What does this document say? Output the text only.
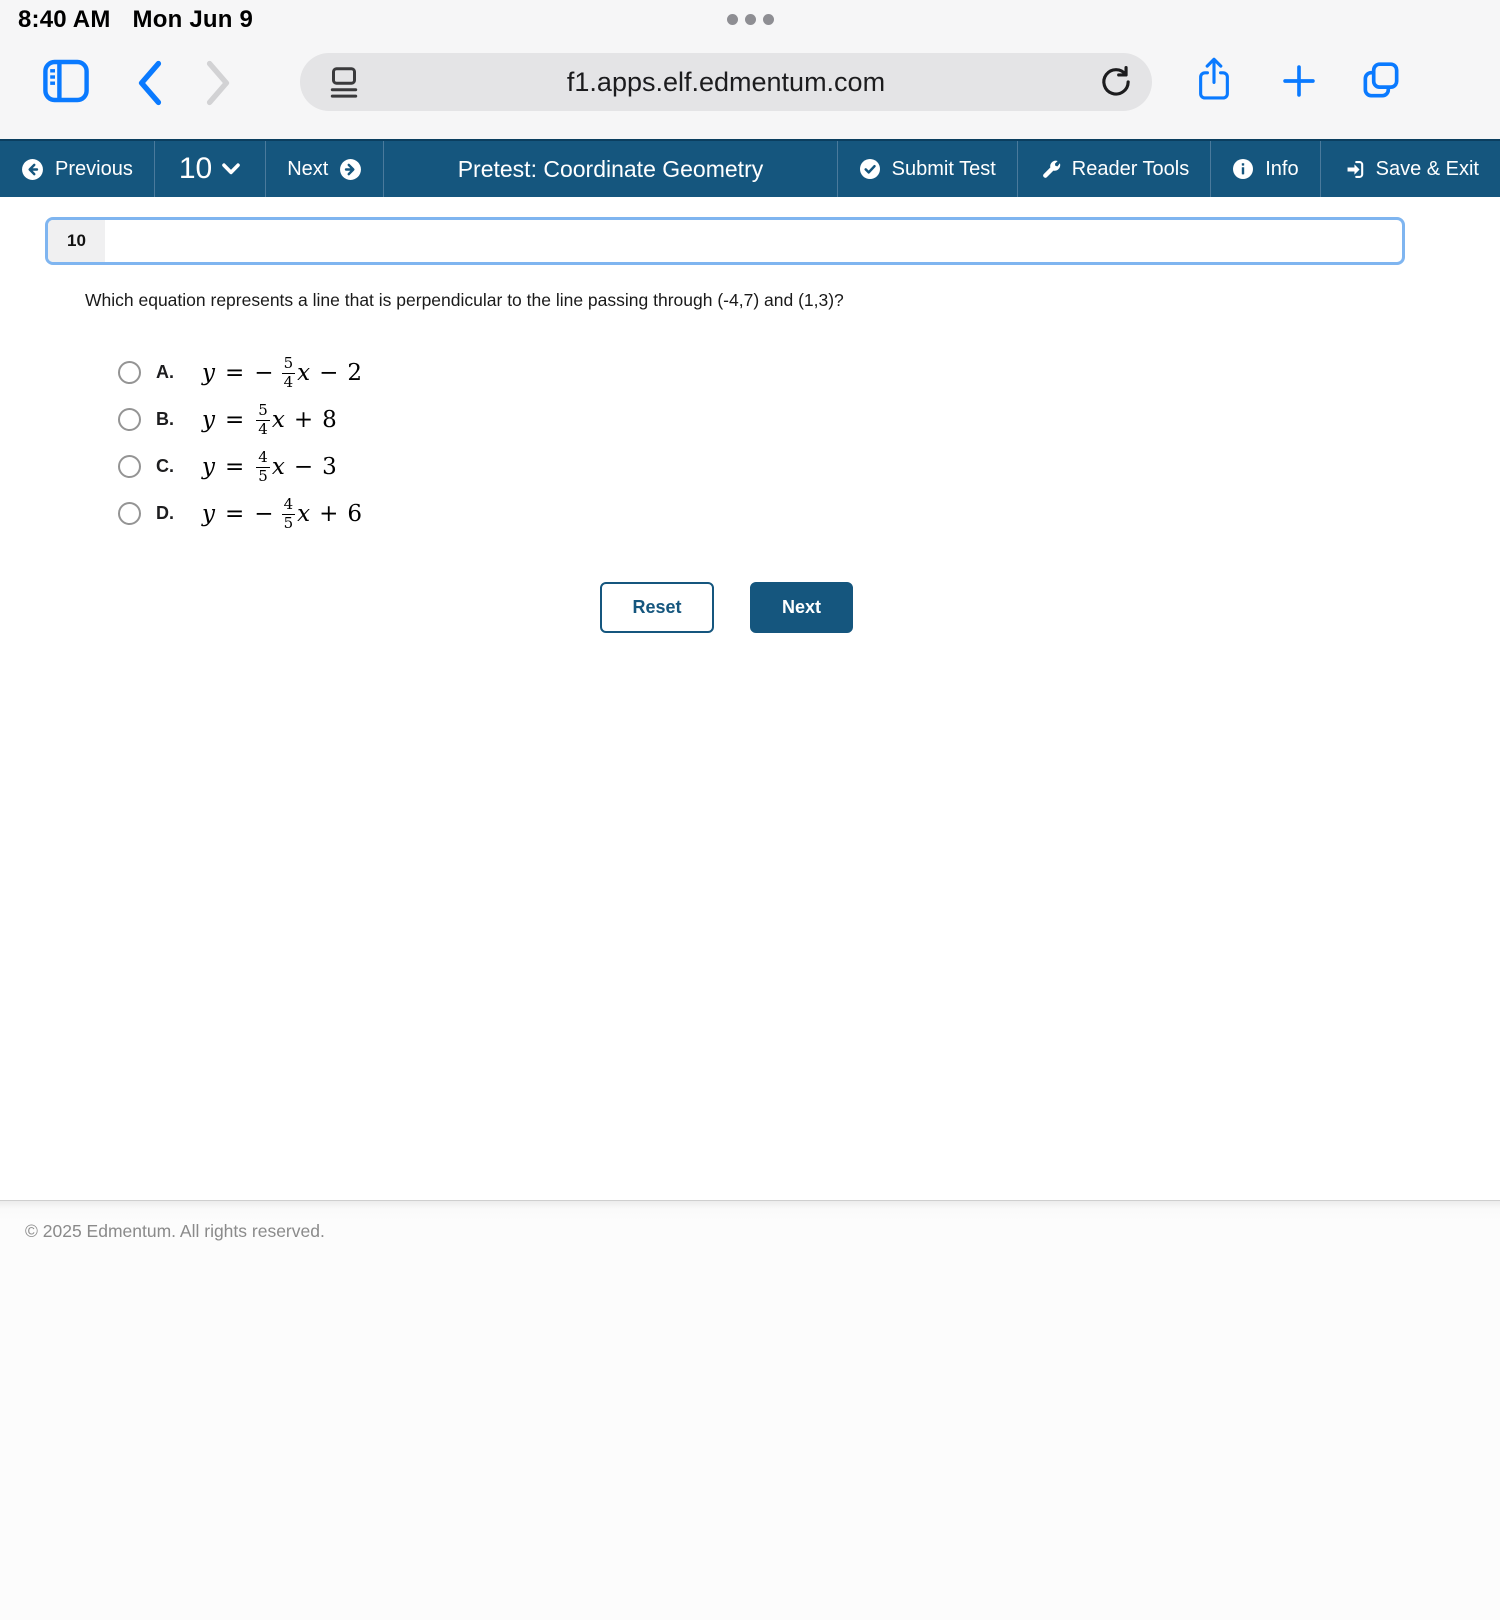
8:40 AM Mon Jun 9
f1.apps.elf.edmentum.com
Previous 10	Next	Pretest: Coordinate Geometry	Submit Test	Reader Tools	Info	Save & Exit
10
Which equation represents a line that is perpendicular to the line passing through (-4,7) and (1,3)?
A.	y = − $\frac{5}{4}$ x − 2
B.	$y = \frac{5}{4}$ x + 8
C.	$y = \frac{4}{5}$ x − 3
D.	y = − $\frac{4}{5}$ x + 6
Reset	Next
© 2025 Edmentum. All rights reserved.
